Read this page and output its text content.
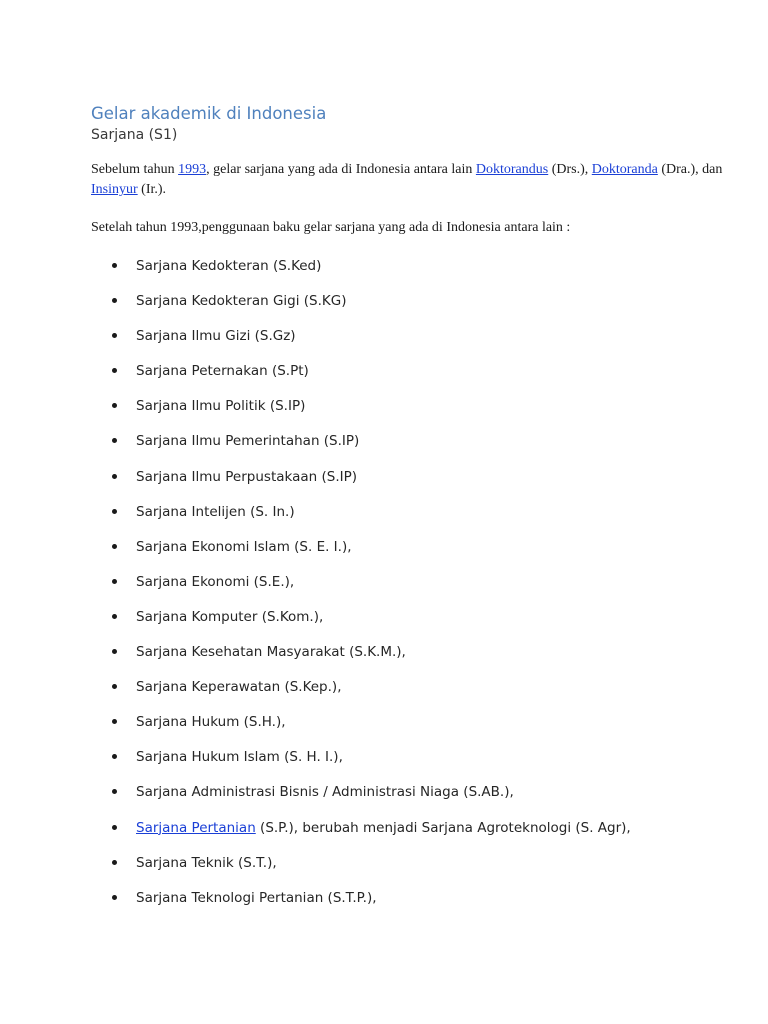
Gelar akademik di Indonesia
Sarjana (S1)
Sebelum tahun 1993, gelar sarjana yang ada di Indonesia antara lain Doktorandus (Drs.), Doktoranda (Dra.), dan Insinyur (Ir.).
Setelah tahun 1993,penggunaan baku gelar sarjana yang ada di Indonesia antara lain :
Sarjana Kedokteran (S.Ked)
Sarjana Kedokteran Gigi (S.KG)
Sarjana Ilmu Gizi (S.Gz)
Sarjana Peternakan (S.Pt)
Sarjana Ilmu Politik (S.IP)
Sarjana Ilmu Pemerintahan (S.IP)
Sarjana Ilmu Perpustakaan (S.IP)
Sarjana Intelijen (S. In.)
Sarjana Ekonomi Islam (S. E. I.),
Sarjana Ekonomi (S.E.),
Sarjana Komputer (S.Kom.),
Sarjana Kesehatan Masyarakat (S.K.M.),
Sarjana Keperawatan (S.Kep.),
Sarjana Hukum (S.H.),
Sarjana Hukum Islam (S. H. I.),
Sarjana Administrasi Bisnis / Administrasi Niaga (S.AB.),
Sarjana Pertanian (S.P.), berubah menjadi Sarjana Agroteknologi (S. Agr),
Sarjana Teknik (S.T.),
Sarjana Teknologi Pertanian (S.T.P.),
